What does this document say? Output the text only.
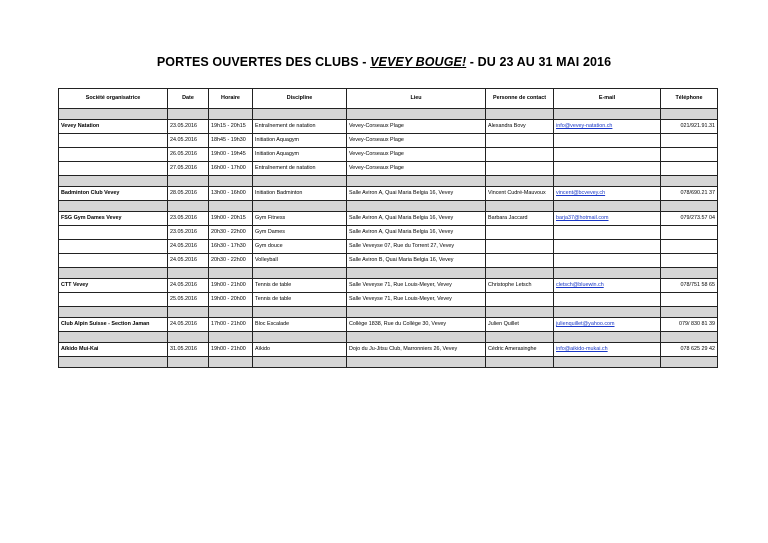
PORTES OUVERTES DES CLUBS - VEVEY BOUGE! - DU 23 AU 31 MAI 2016
Société organisatrice	Date	Horaire	Discipline	Lieu	Personne de contact	E-mail	Téléphone

Vevey Natation	23.05.2016	19h15 - 20h15	Entraînement de natation	Vevey-Corseaux Plage	Alexandra Bovy	info@vevey-natation.ch	021/921.91.31
	24.05.2016	18h45 - 19h30	Initiation Aquagym	Vevey-Corseaux Plage			
	26.05.2016	19h00 - 19h45	Initiation Aquagym	Vevey-Corseaux Plage			
	27.05.2016	16h00 - 17h00	Entraînement de natation	Vevey-Corseaux Plage			

Badminton Club Vevey	28.05.2016	13h00 - 16h00	Initiation Badminton	Salle Aviron A, Quai Maria Belgia 16, Vevey	Vincent Cudré-Mauvoux	vincent@bcvevey.ch	078/690.21 37

FSG Gym Dames Vevey	23.05.2016	19h00 - 20h15	Gym Fitness	Salle Aviron A, Quai Maria Belgia 16, Vevey	Barbara Jaccard	barja37@hotmail.com	079/273.57 04
	23.05.2016	20h30 - 22h00	Gym Dames	Salle Aviron A, Quai Maria Belgia 16, Vevey			
	24.05.2016	16h30 - 17h30	Gym douce	Salle Veveyse 07, Rue du Torrent 27, Vevey			
	24.05.2016	20h30 - 22h00	Volleyball	Salle Aviron B, Quai Maria Belgia 16, Vevey			

CTT Vevey	24.05.2016	19h00 - 21h00	Tennis de table	Salle Veveyse 71, Rue Louis-Meyer, Vevey	Christophe Letsch	cletsch@bluewin.ch	078/751 58 65
	25.05.2016	19h00 - 20h00	Tennis de table	Salle Veveyse 71, Rue Louis-Meyer, Vevey			

Club Alpin Suisse - Section Jaman	24.05.2016	17h00 - 21h00	Bloc Escalade	Collège 1838, Rue du Collège 30, Vevey	Julien Quillet	julienquillet@yahoo.com	079/ 830 81 39

Aïkido Mui-Kai	31.05.2016	19h00 - 21h00	Aïkido	Dojo du Ju-Jitsu Club, Marronniers 26, Vevey	Cédric Amerasinghe	info@aikido-mukai.ch	078 625 29 42
